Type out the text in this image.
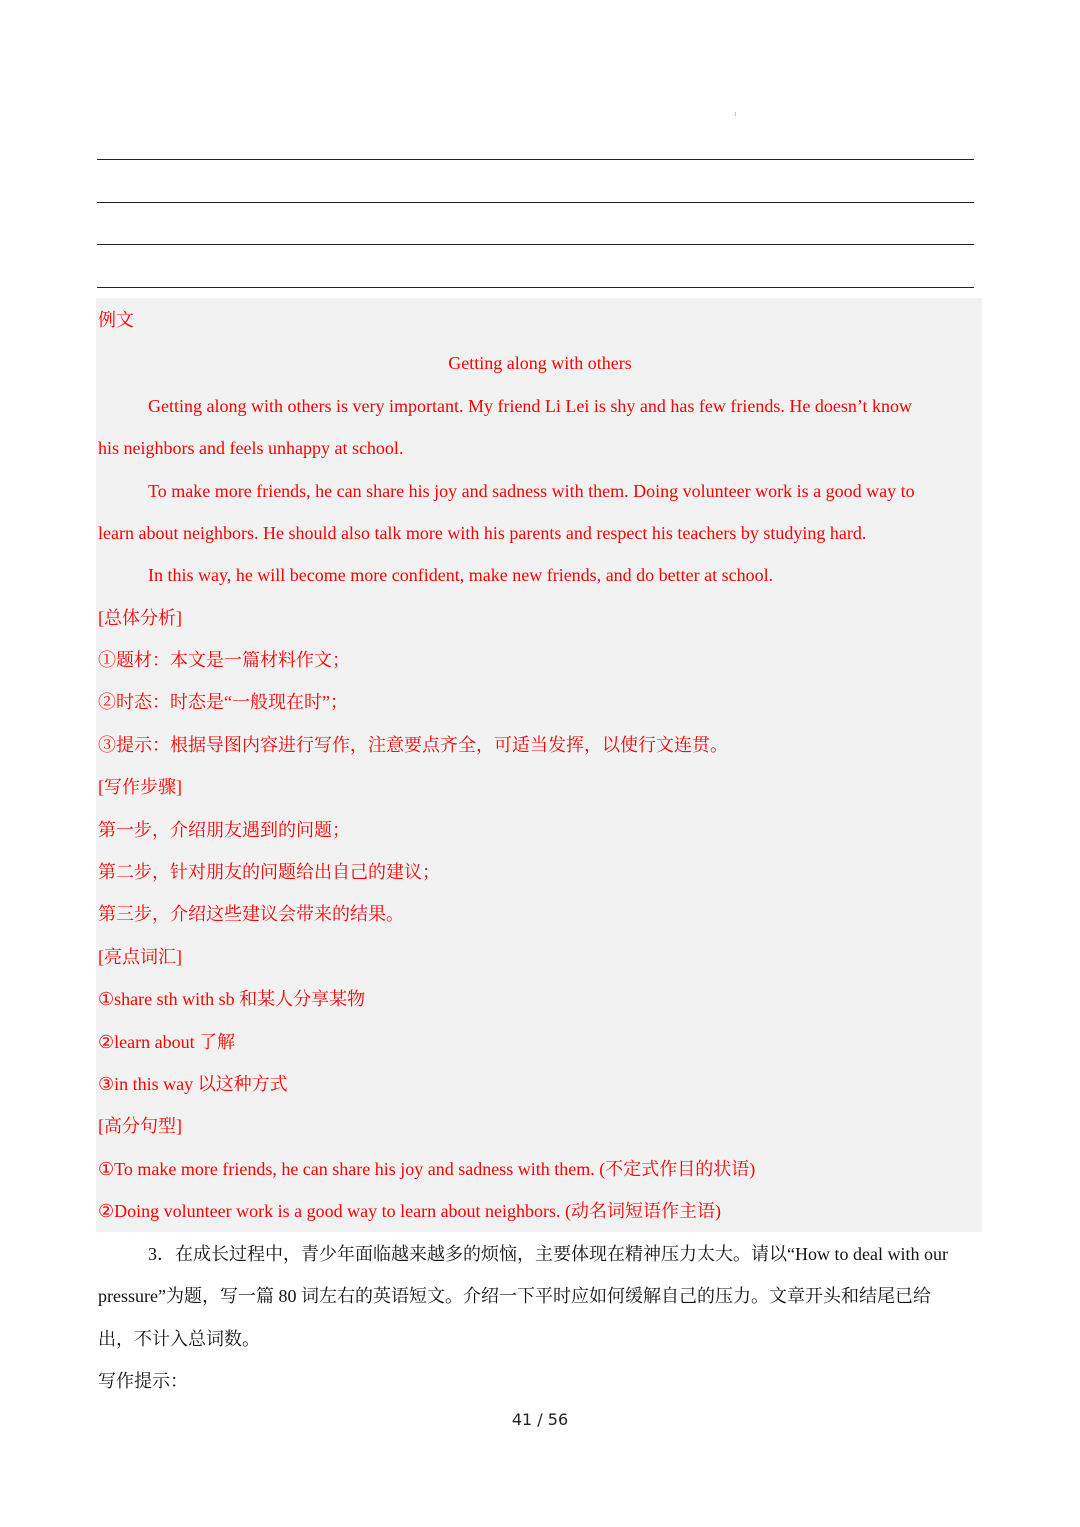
1
例文
Getting along with others
Getting along with others is very important. My friend Li Lei is shy and has few friends. He doesn’t know
his neighbors and feels unhappy at school.
To make more friends, he can share his joy and sadness with them. Doing volunteer work is a good way to
learn about neighbors. He should also talk more with his parents and respect his teachers by studying hard.
In this way, he will become more confident, make new friends, and do better at school.
[总体分析]
①题材：本文是一篇材料作文；
②时态：时态是“一般现在时”；
③提示：根据导图内容进行写作，注意要点齐全，可适当发挥，以使行文连贯。
[写作步骤]
第一步，介绍朋友遇到的问题；
第二步，针对朋友的问题给出自己的建议；
第三步，介绍这些建议会带来的结果。
[亮点词汇]
①share sth with sb 和某人分享某物
②learn about 了解
③in this way 以这种方式
[高分句型]
①To make more friends, he can share his joy and sadness with them. (不定式作目的状语)
②Doing volunteer work is a good way to learn about neighbors. (动名词短语作主语)
3．在成长过程中，青少年面临越来越多的烦恼，主要体现在精神压力太大。请以“How to deal with our
pressure”为题，写一篇 80 词左右的英语短文。介绍一下平时应如何缓解自己的压力。文章开头和结尾已给
出，不计入总词数。
写作提示：
41 / 56
